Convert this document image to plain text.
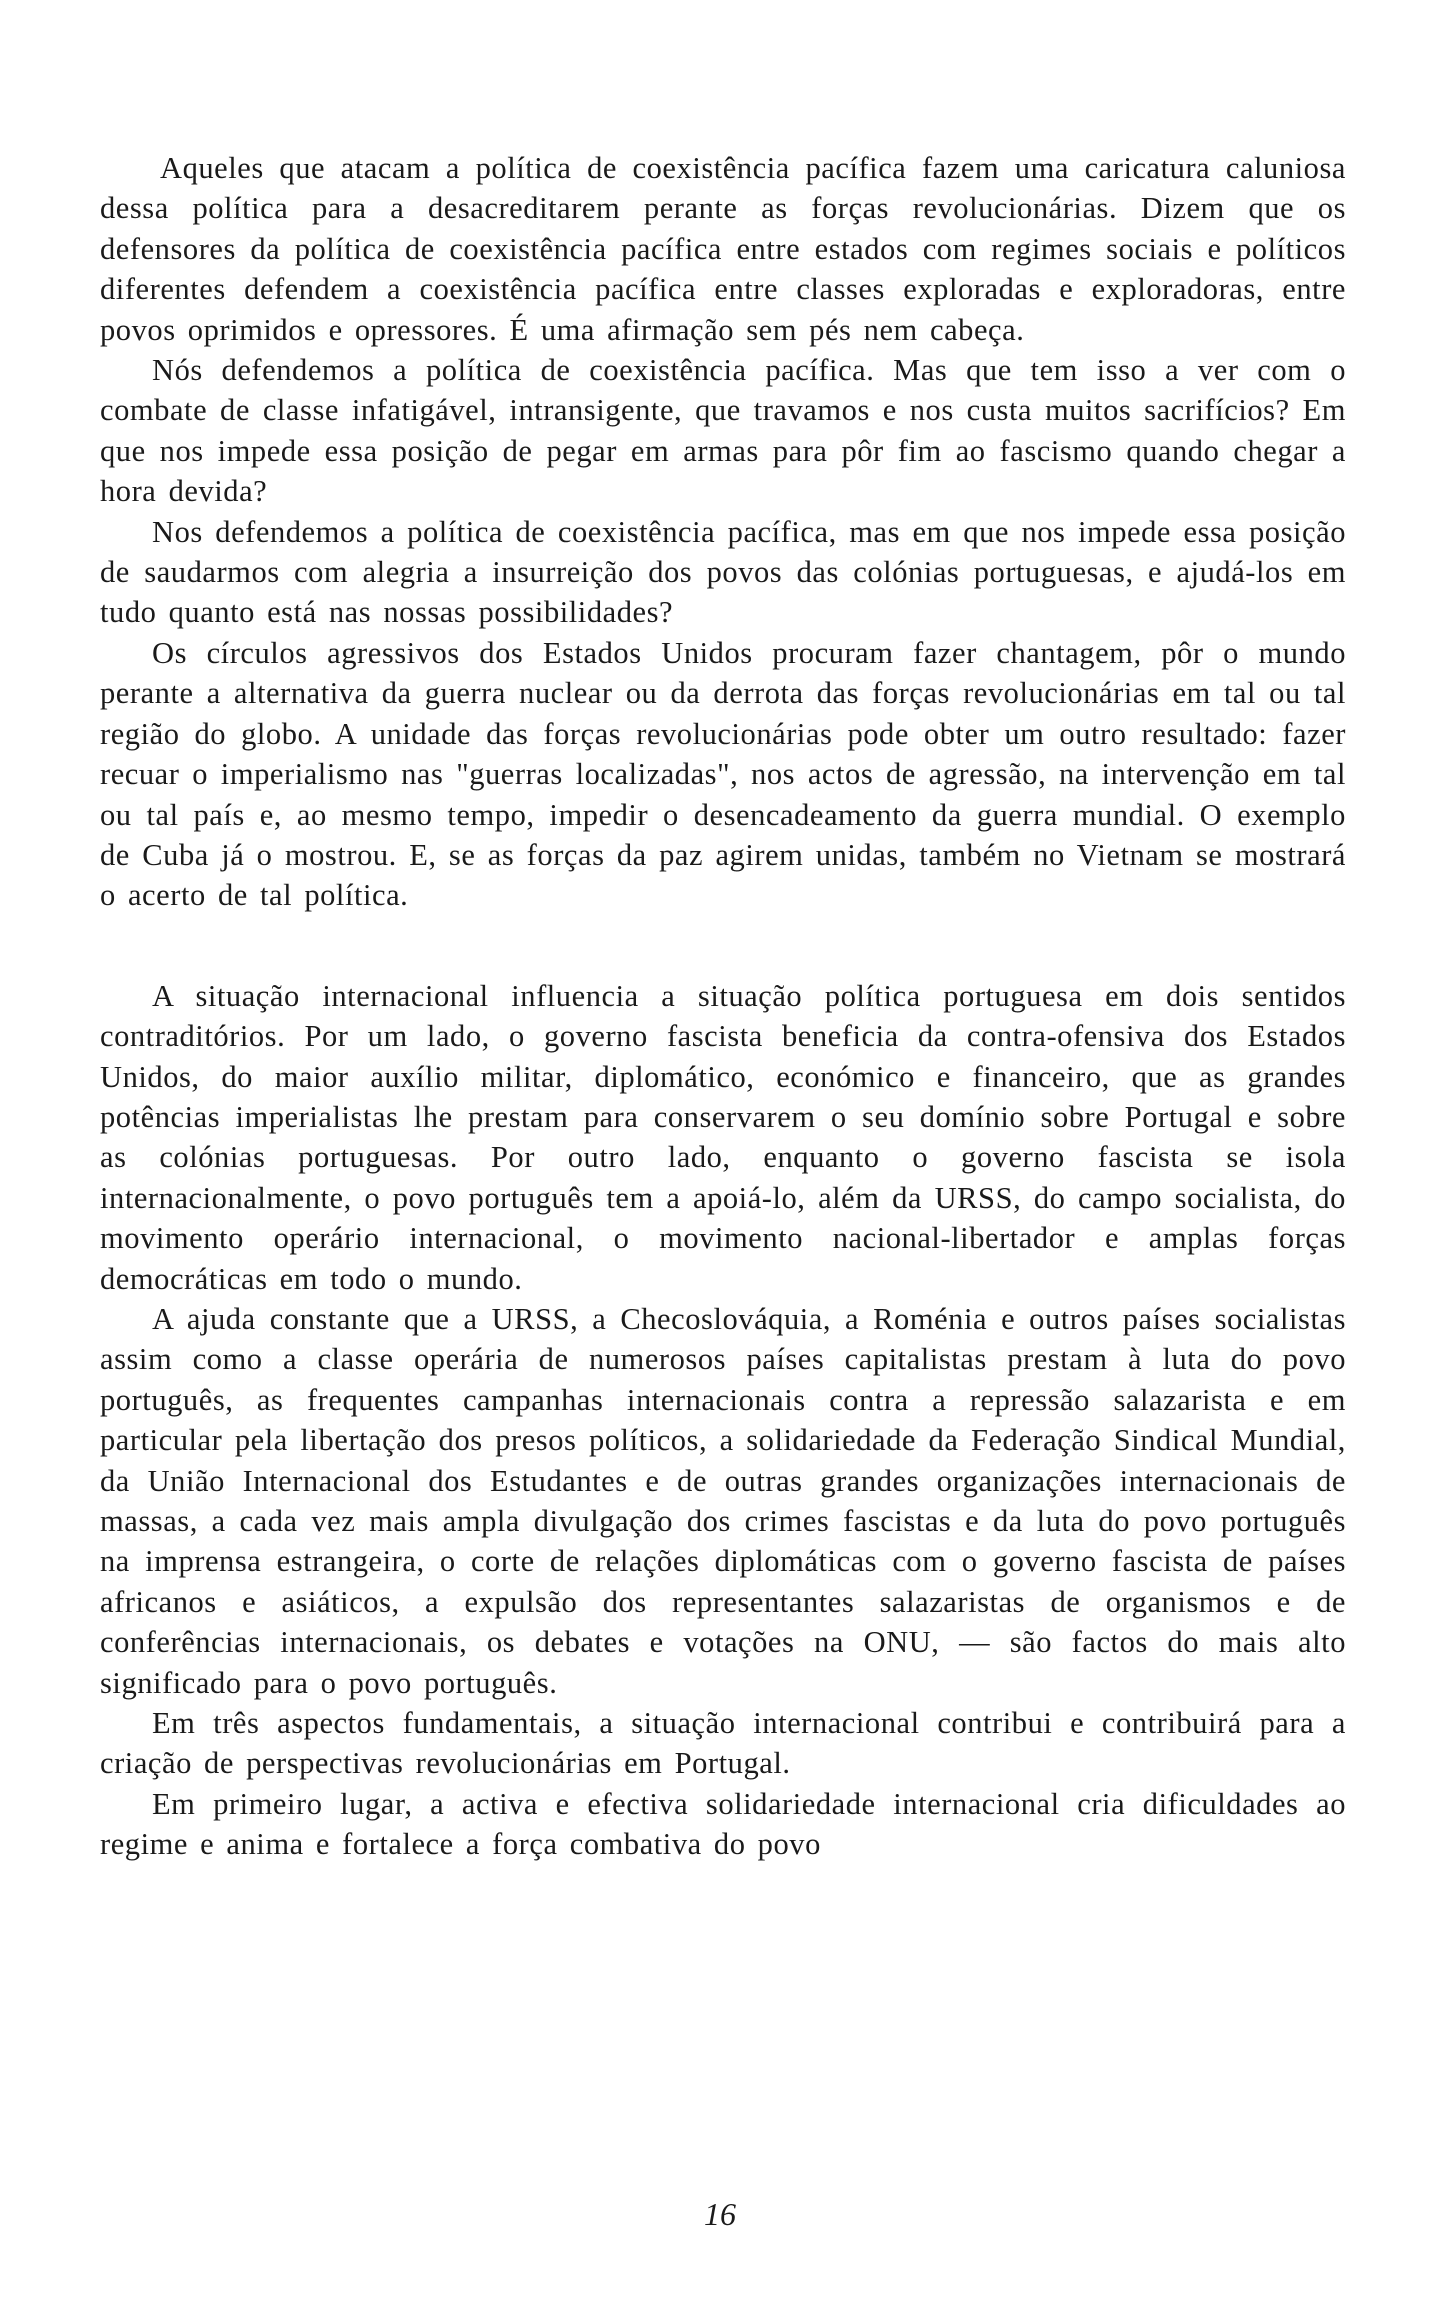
Aqueles que atacam a política de coexistência pacífica fazem uma caricatura caluniosa dessa política para a desacreditarem perante as forças revolucionárias. Dizem que os defensores da política de coexistência pacífica entre estados com regimes sociais e políticos diferentes defendem a coexistência pacífica entre classes exploradas e exploradoras, entre povos oprimidos e opressores. É uma afirmação sem pés nem cabeça.

Nós defendemos a política de coexistência pacífica. Mas que tem isso a ver com o combate de classe infatigável, intransigente, que travamos e nos custa muitos sacrifícios? Em que nos impede essa posição de pegar em armas para pôr fim ao fascismo quando chegar a hora devida?

Nos defendemos a política de coexistência pacífica, mas em que nos impede essa posição de saudarmos com alegria a insurreição dos povos das colónias portuguesas, e ajudá-los em tudo quanto está nas nossas possibilidades?

Os círculos agressivos dos Estados Unidos procuram fazer chantagem, pôr o mundo perante a alternativa da guerra nuclear ou da derrota das forças revolucionárias em tal ou tal região do globo. A unidade das forças revolucionárias pode obter um outro resultado: fazer recuar o imperialismo nas "guerras localizadas", nos actos de agressão, na intervenção em tal ou tal país e, ao mesmo tempo, impedir o desencadeamento da guerra mundial. O exemplo de Cuba já o mostrou. E, se as forças da paz agirem unidas, também no Vietnam se mostrará o acerto de tal política.

A situação internacional influencia a situação política portuguesa em dois sentidos contraditórios. Por um lado, o governo fascista beneficia da contra-ofensiva dos Estados Unidos, do maior auxílio militar, diplomático, económico e financeiro, que as grandes potências imperialistas lhe prestam para conservarem o seu domínio sobre Portugal e sobre as colónias portuguesas. Por outro lado, enquanto o governo fascista se isola internacionalmente, o povo português tem a apoiá-lo, além da URSS, do campo socialista, do movimento operário internacional, o movimento nacional-libertador e amplas forças democráticas em todo o mundo.

A ajuda constante que a URSS, a Checoslováquia, a Roménia e outros países socialistas assim como a classe operária de numerosos países capitalistas prestam à luta do povo português, as frequentes campanhas internacionais contra a repressão salazarista e em particular pela libertação dos presos políticos, a solidariedade da Federação Sindical Mundial, da União Internacional dos Estudantes e de outras grandes organizações internacionais de massas, a cada vez mais ampla divulgação dos crimes fascistas e da luta do povo português na imprensa estrangeira, o corte de relações diplomáticas com o governo fascista de países africanos e asiáticos, a expulsão dos representantes salazaristas de organismos e de conferências internacionais, os debates e votações na ONU, — são factos do mais alto significado para o povo português.

Em três aspectos fundamentais, a situação internacional contribui e contribuirá para a criação de perspectivas revolucionárias em Portugal.

Em primeiro lugar, a activa e efectiva solidariedade internacional cria dificuldades ao regime e anima e fortalece a força combativa do povo

16
